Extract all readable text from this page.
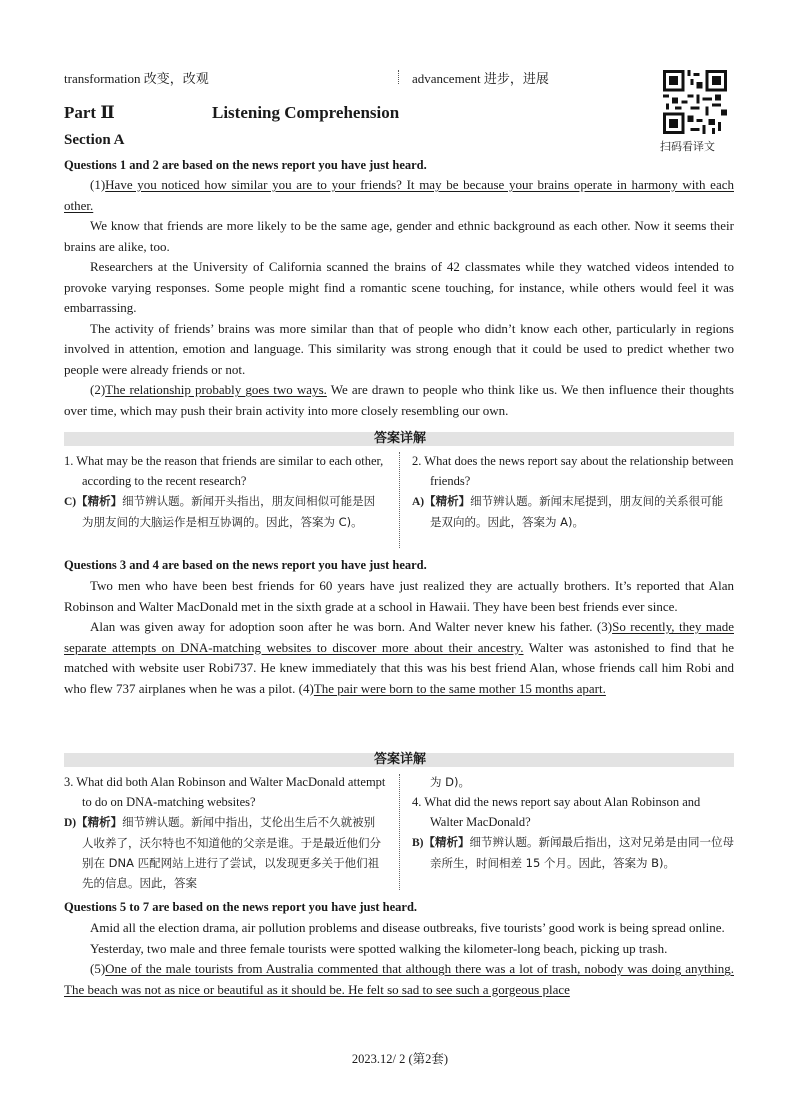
transformation 改变，改观	advancement 进步，进展
扫码看译文
Part Ⅱ	Listening Comprehension
Section A
Questions 1 and 2 are based on the news report you have just heard.

(1)Have you noticed how similar you are to your friends? It may be because your brains operate in harmony with each other.

We know that friends are more likely to be the same age, gender and ethnic background as each other. Now it seems their brains are alike, too.

Researchers at the University of California scanned the brains of 42 classmates while they watched videos intended to provoke varying responses. Some people might find a romantic scene touching, for instance, while others would feel it was embarrassing.

The activity of friends’ brains was more similar than that of people who didn’t know each other, particularly in regions involved in attention, emotion and language. This similarity was strong enough that it could be used to predict whether two people were already friends or not.

(2)The relationship probably goes two ways. We are drawn to people who think like us. We then influence their thoughts over time, which may push their brain activity into more closely resembling our own.

答案详解
1. What may be the reason that friends are similar to each other, according to the recent research?
C)【精析】细节辨认题。新闻开头指出，朋友间相似可能是因为朋友间的大脑运作是相互协调的。因此，答案为 C)。
2. What does the news report say about the relationship between friends?
A)【精析】细节辨认题。新闻末尾提到，朋友间的关系很可能是双向的。因此，答案为 A)。
Questions 3 and 4 are based on the news report you have just heard.

Two men who have been best friends for 60 years have just realized they are actually brothers. It’s reported that Alan Robinson and Walter MacDonald met in the sixth grade at a school in Hawaii. They have been best friends ever since.

Alan was given away for adoption soon after he was born. And Walter never knew his father. (3)So recently, they made separate attempts on DNA-matching websites to discover more about their ancestry. Walter was astonished to find that he matched with website user Robi737. He knew immediately that this was his best friend Alan, whose friends call him Robi and who flew 737 airplanes when he was a pilot. (4)The pair were born to the same mother 15 months apart.

答案详解
3. What did both Alan Robinson and Walter MacDonald attempt to do on DNA-matching websites?
D)【精析】细节辨认题。新闻中指出，艾伦出生后不久就被别人收养了，沃尔特也不知道他的父亲是谁。于是最近他们分别在 DNA 匹配网站上进行了尝试，以发现更多关于他们祖先的信息。因此，答案
为 D)。
4. What did the news report say about Alan Robinson and Walter MacDonald?
B)【精析】细节辨认题。新闻最后指出，这对兄弟是由同一位母亲所生，时间相差 15 个月。因此，答案为 B)。
Questions 5 to 7 are based on the news report you have just heard.

Amid all the election drama, air pollution problems and disease outbreaks, five tourists’ good work is being spread online.

Yesterday, two male and three female tourists were spotted walking the kilometer-long beach, picking up trash.

(5)One of the male tourists from Australia commented that although there was a lot of trash, nobody was doing anything. The beach was not as nice or beautiful as it should be. He felt so sad to see such a gorgeous place

2023.12/ 2 (第2套)
